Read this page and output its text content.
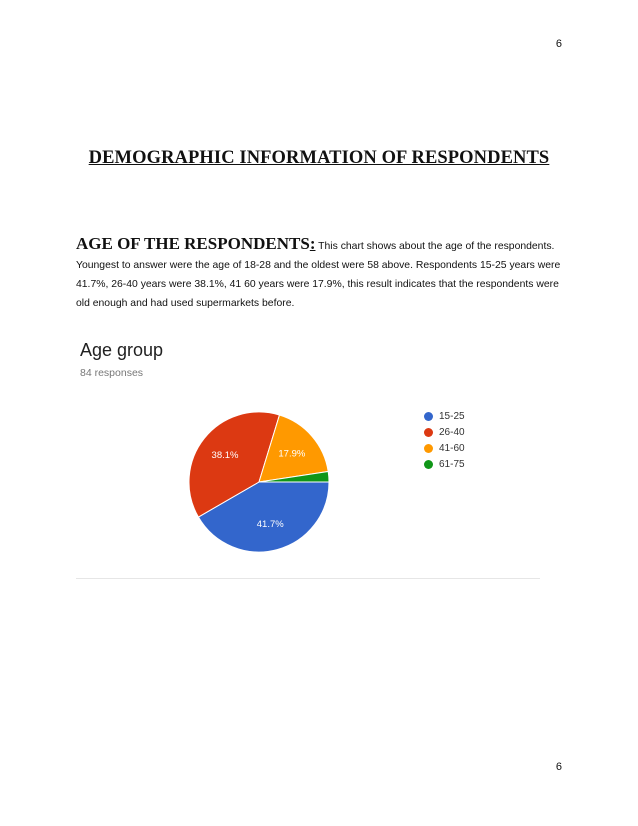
6
DEMOGRAPHIC INFORMATION OF RESPONDENTS
AGE OF THE RESPONDENTS: This chart shows about the age of the respondents. Youngest to answer were the age of 18-28 and the oldest were 58 above. Respondents 15-25 years were 41.7%, 26-40 years were 38.1%, 41 60 years were 17.9%, this result indicates that the respondents were old enough and had used supermarkets before.
Age group
84 responses
41.7%
38.1%	17.9%
15-25
26-40
41-60
61-75
6
